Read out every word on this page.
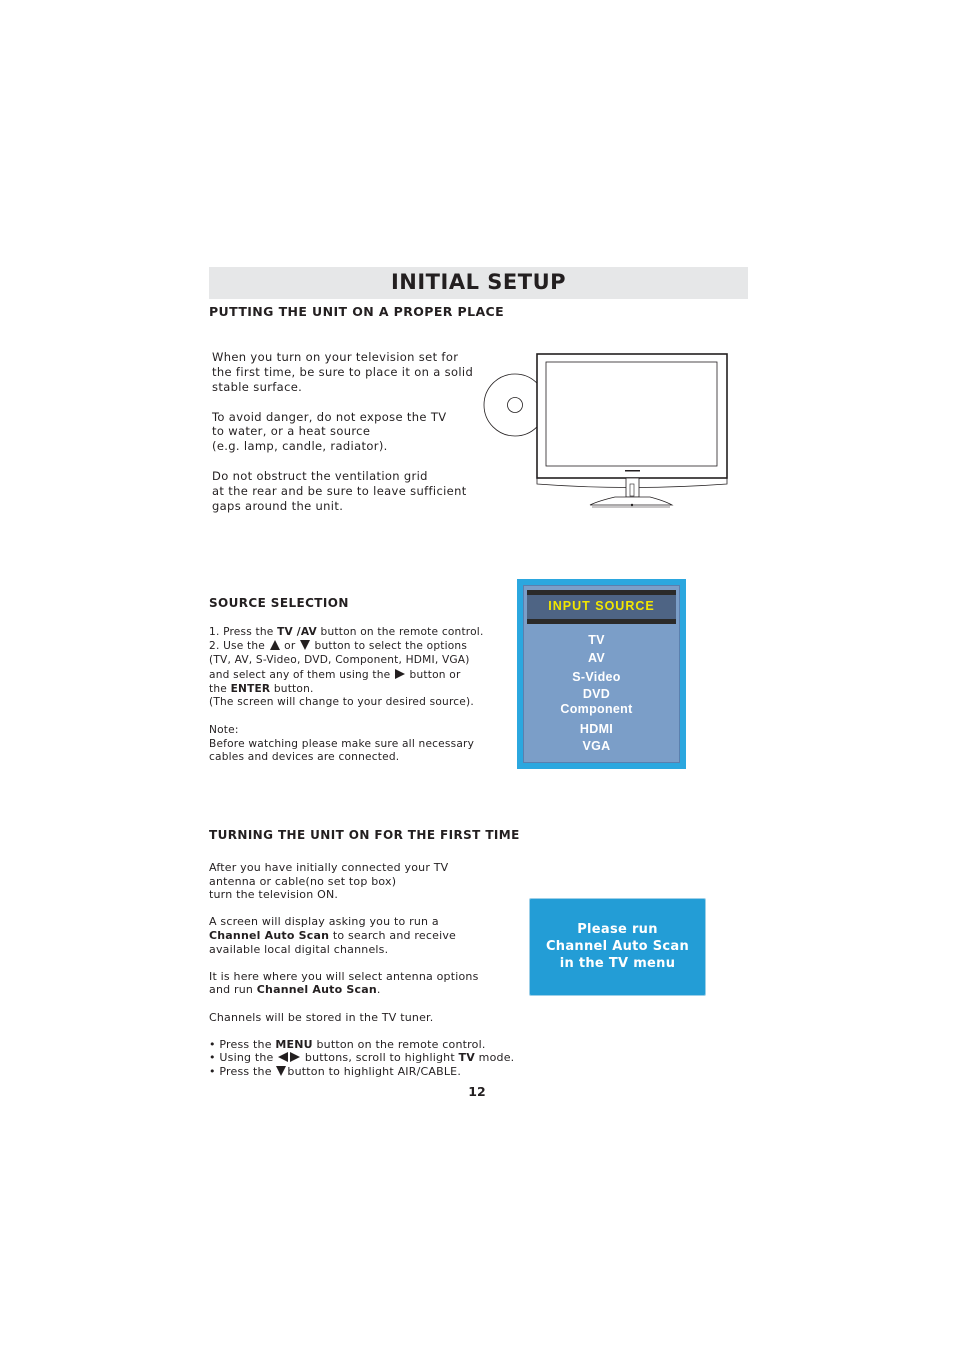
INITIAL SETUP
PUTTING THE UNIT ON A PROPER PLACE
When you turn on your television set for
the first time, be sure to place it on a solid
stable surface.
To avoid danger, do not expose the TV
to water, or a heat source
(e.g. lamp, candle, radiator).
Do not obstruct the ventilation grid
at the rear and be sure to leave sufficient
gaps around the unit.
SOURCE SELECTION
1. Press the TV /AV button on the remote control.
2. Use the  or  button to select the options
(TV, AV, S-Video, DVD, Component, HDMI, VGA)
and select any of them using the  button or
the ENTER button.
(The screen will change to your desired source).
Note:
Before watching please make sure all necessary
cables and devices are connected.
INPUT SOURCE
TV
AV
S-Video
DVD
Component
HDMI
VGA
TURNING THE UNIT ON FOR THE FIRST TIME
After you have initially connected your TV
antenna or cable(no set top box)
turn the television ON.
A screen will display asking you to run a
Channel Auto Scan to search and receive
available local digital channels.
It is here where you will select antenna options
and run Channel Auto Scan.
Channels will be stored in the TV tuner.
• Press the MENU button on the remote control.
• Using the  buttons, scroll to highlight TV mode.
• Press the button to highlight AIR/CABLE.
Please run
Channel Auto Scan
in the TV menu
12
